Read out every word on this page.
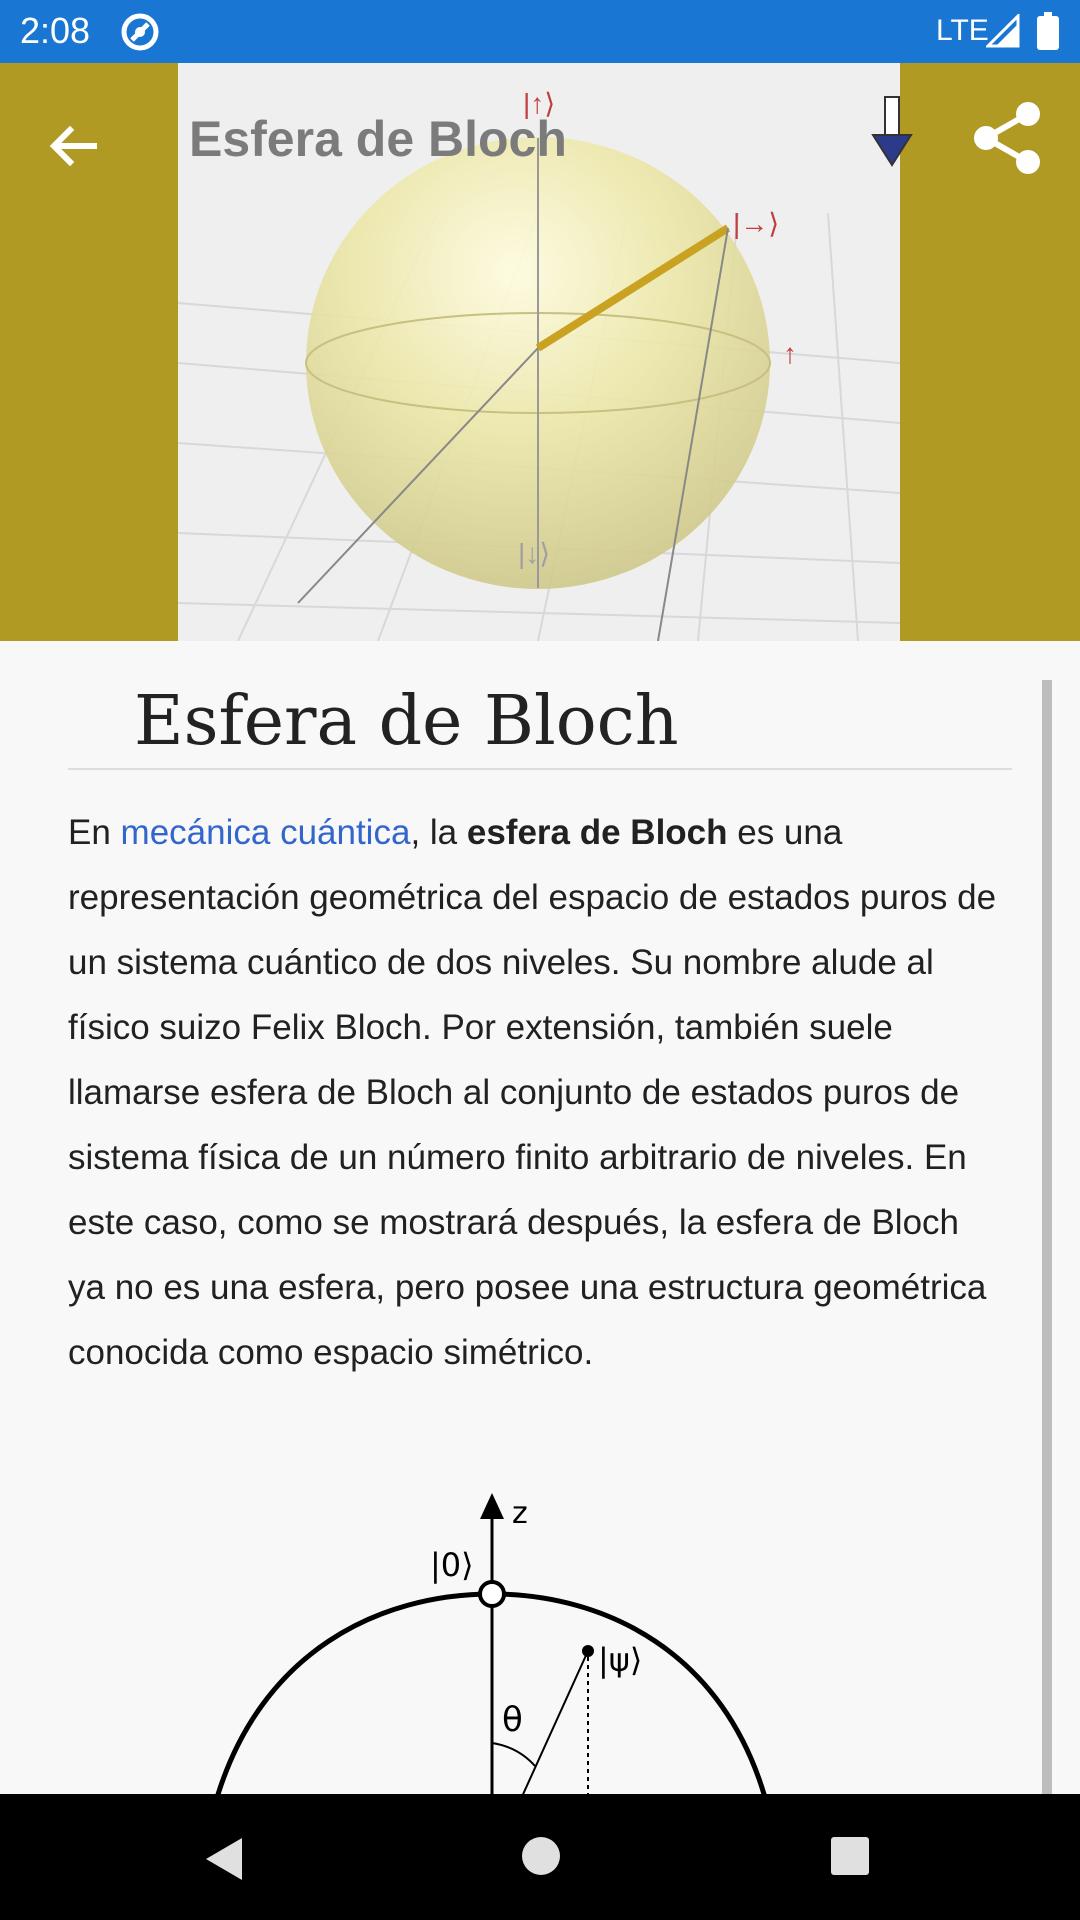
2:08	LTE
|↑⟩
|→⟩
↑
|↓⟩
Esfera de Bloch
Esfera de Bloch
En mecánica cuántica, la esfera de Bloch es una representación geométrica del espacio de estados puros de un sistema cuántico de dos niveles. Su nombre alude al físico suizo Felix Bloch. Por extensión, también suele llamarse esfera de Bloch al conjunto de estados puros de sistema física de un número finito arbitrario de niveles. En este caso, como se mostrará después, la esfera de Bloch ya no es una esfera, pero posee una estructura geométrica conocida como espacio simétrico.
z
|0⟩
|ψ⟩
θ
